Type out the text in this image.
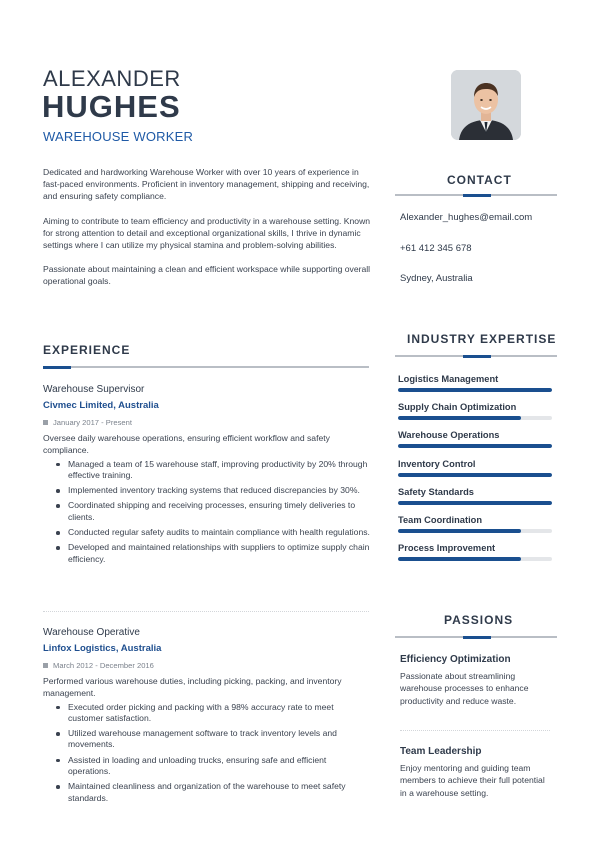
ALEXANDER
HUGHES
WAREHOUSE WORKER

Dedicated and hardworking Warehouse Worker with over 10 years of experience in fast-paced environments. Proficient in inventory management, shipping and receiving, and ensuring safety compliance.

Aiming to contribute to team efficiency and productivity in a warehouse setting. Known for strong attention to detail and exceptional organizational skills, I thrive in dynamic settings where I can utilize my physical stamina and problem-solving abilities.

Passionate about maintaining a clean and efficient workspace while supporting overall operational goals.

EXPERIENCE
Warehouse Supervisor
Civmec Limited, Australia
January 2017 - Present
Oversee daily warehouse operations, ensuring efficient workflow and safety compliance.
Managed a team of 15 warehouse staff, improving productivity by 20% through effective training.
Implemented inventory tracking systems that reduced discrepancies by 30%.
Coordinated shipping and receiving processes, ensuring timely deliveries to clients.
Conducted regular safety audits to maintain compliance with health regulations.
Developed and maintained relationships with suppliers to optimize supply chain efficiency.
Warehouse Operative
Linfox Logistics, Australia
March 2012 - December 2016
Performed various warehouse duties, including picking, packing, and inventory management.
Executed order picking and packing with a 98% accuracy rate to meet customer satisfaction.
Utilized warehouse management software to track inventory levels and movements.
Assisted in loading and unloading trucks, ensuring safe and efficient operations.
Maintained cleanliness and organization of the warehouse to meet safety standards.
CONTACT
Alexander_hughes@email.com
+61 412 345 678
Sydney, Australia
INDUSTRY EXPERTISE
Logistics Management
Supply Chain Optimization
Warehouse Operations
Inventory Control
Safety Standards
Team Coordination
Process Improvement
PASSIONS
Efficiency Optimization
Passionate about streamlining warehouse processes to enhance productivity and reduce waste.
Team Leadership
Enjoy mentoring and guiding team members to achieve their full potential in a warehouse setting.
